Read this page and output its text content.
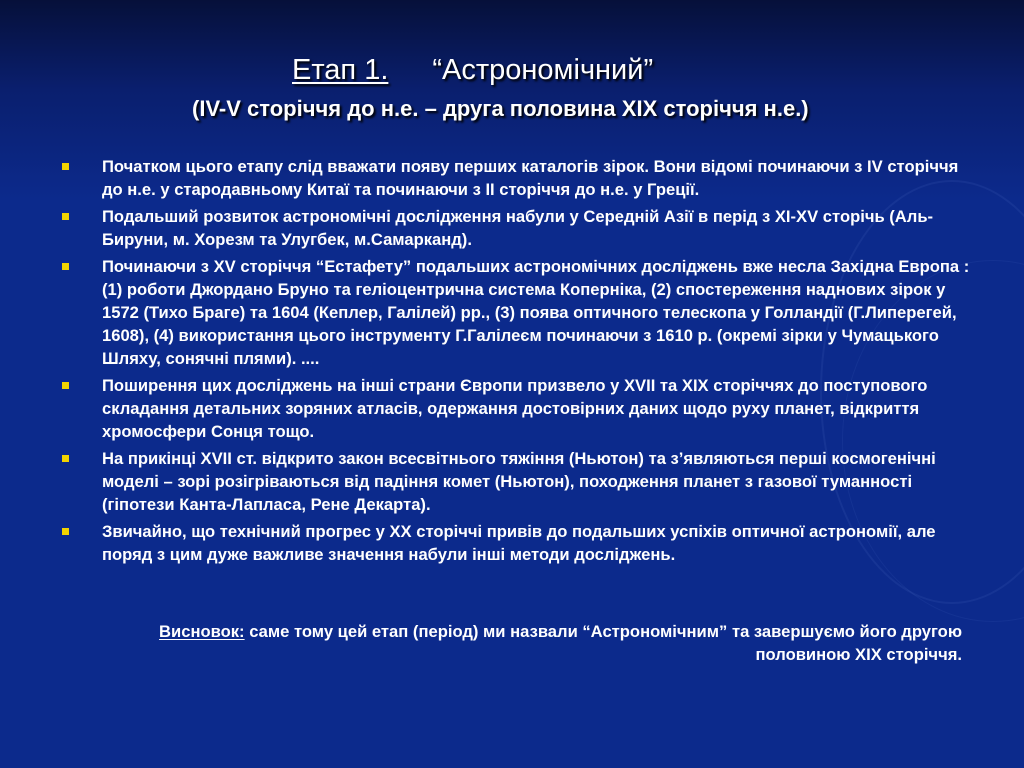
Етап 1. “Астрономічний”
(IV-V сторіччя до н.е. – друга половина ХІХ сторіччя н.е.)
Початком цього етапу слід вважати появу перших каталогів зірок. Вони відомі починаючи з IV сторіччя до н.е. у стародавньому Китаї та починаючи з ІІ сторіччя до н.е. у Греції.
Подальший розвиток астрономічні дослідження набули у Середній Азії в перід з ХІ-ХV сторічь (Аль-Бируни, м. Хорезм та Улугбек, м.Самарканд).
Починаючи з ХV сторіччя “Естафету” подальших астрономічних досліджень вже несла Західна Европа : (1) роботи Джордано Бруно та геліоцентрична система Коперніка, (2) спостереження наднових зірок у 1572 (Тихо Браге) та 1604 (Кеплер, Галілей) рр., (3) поява оптичного телескопа у Голландії (Г.Липерегей, 1608), (4) використання цього інструменту Г.Галілеєм починаючи з 1610 р. (окремі зірки у Чумацького Шляху, сонячні плями). ....
Поширення цих досліджень на інші страни Європи призвело у ХVІІ та ХІХ сторіччях до поступового складання детальних зоряних атласів, одержання достовірних даних щодо руху планет, відкриття хромосфери Сонця тощо.
На прикінці ХVІІ ст. відкрито закон всесвітнього тяжіння (Ньютон) та з’являються перші космогенічні моделі – зорі розігріваються від падіння комет (Ньютон), походження планет з газової туманності (гіпотези Канта-Лапласа, Рене Декарта).
Звичайно, що технічний прогрес у ХХ сторіччі привів до подальших успіхів оптичної астрономії, але поряд з цим дуже важливе значення набули інші методи досліджень.
Висновок: саме тому цей етап (період) ми назвали “Астрономічним” та завершуємо його другою половиною ХІХ сторіччя.
